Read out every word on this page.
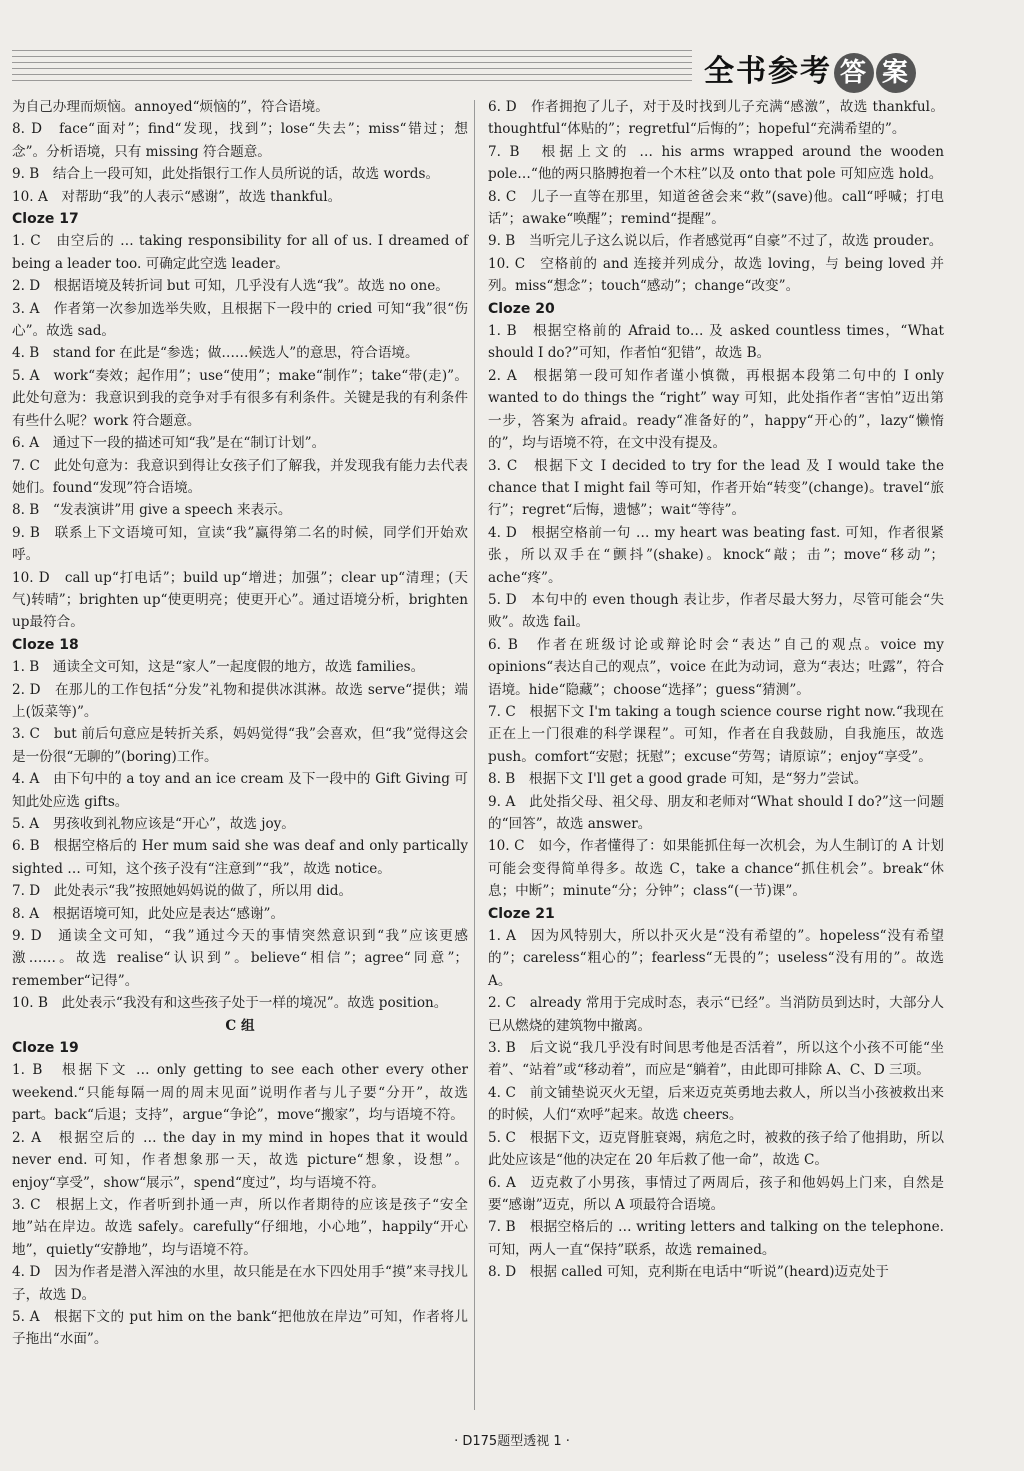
全书参考 答 案
为自己办理而烦恼。annoyed“烦恼的”，符合语境。
8. D　face“面对”；find“发现，找到”；lose“失去”；miss“错过；想念”。分析语境，只有 missing 符合题意。
9. B　结合上一段可知，此处指银行工作人员所说的话，故选 words。
10. A　对帮助“我”的人表示“感谢”，故选 thankful。
Cloze 17
1. C　由空后的 … taking responsibility for all of us. I dreamed of being a leader too. 可确定此空选 leader。
2. D　根据语境及转折词 but 可知，几乎没有人选“我”。故选 no one。
3. A　作者第一次参加选举失败，且根据下一段中的 cried 可知“我”很“伤心”。故选 sad。
4. B　stand for 在此是“参选；做……候选人”的意思，符合语境。
5. A　work“奏效；起作用”；use“使用”；make“制作”；take“带(走)”。此处句意为：我意识到我的竞争对手有很多有利条件。关键是我的有利条件有些什么呢？work 符合题意。
6. A　通过下一段的描述可知“我”是在“制订计划”。
7. C　此处句意为：我意识到得让女孩子们了解我，并发现我有能力去代表她们。found“发现”符合语境。
8. B　“发表演讲”用 give a speech 来表示。
9. B　联系上下文语境可知，宣读“我”赢得第二名的时候，同学们开始欢呼。
10. D　call up“打电话”；build up“增进；加强”；clear up“清理；(天气)转晴”；brighten up“使更明亮；使更开心”。通过语境分析，brighten up最符合。
Cloze 18
1. B　通读全文可知，这是“家人”一起度假的地方，故选 families。
2. D　在那儿的工作包括“分发”礼物和提供冰淇淋。故选 serve“提供；端上(饭菜等)”。
3. C　but 前后句意应是转折关系，妈妈觉得“我”会喜欢，但“我”觉得这会是一份很“无聊的”(boring)工作。
4. A　由下句中的 a toy and an ice cream 及下一段中的 Gift Giving 可知此处应选 gifts。
5. A　男孩收到礼物应该是“开心”，故选 joy。
6. B　根据空格后的 Her mum said she was deaf and only partically sighted … 可知，这个孩子没有“注意到”“我”，故选 notice。
7. D　此处表示“我”按照她妈妈说的做了，所以用 did。
8. A　根据语境可知，此处应是表达“感谢”。
9. D　通读全文可知，“我”通过今天的事情突然意识到“我”应该更感激……。故选 realise“认识到”。believe“相信”；agree“同意”；remember“记得”。
10. B　此处表示“我没有和这些孩子处于一样的境况”。故选 position。
C 组
Cloze 19
1. B　根据下文 … only getting to see each other every other weekend.“只能每隔一周的周末见面”说明作者与儿子要“分开”，故选 part。back“后退；支持”，argue“争论”，move“搬家”，均与语境不符。
2. A　根据空后的 … the day in my mind in hopes that it would never end. 可知，作者想象那一天，故选 picture“想象，设想”。enjoy“享受”，show“展示”，spend“度过”，均与语境不符。
3. C　根据上文，作者听到扑通一声，所以作者期待的应该是孩子“安全地”站在岸边。故选 safely。carefully“仔细地，小心地”，happily“开心地”，quietly“安静地”，均与语境不符。
4. D　因为作者是潜入浑浊的水里，故只能是在水下四处用手“摸”来寻找儿子，故选 D。
5. A　根据下文的 put him on the bank“把他放在岸边”可知，作者将儿子拖出“水面”。
6. D　作者拥抱了儿子，对于及时找到儿子充满“感激”，故选 thankful。thoughtful“体贴的”；regretful“后悔的”；hopeful“充满希望的”。
7. B　根据上文的 … his arms wrapped around the wooden pole…“他的两只胳膊抱着一个木柱”以及 onto that pole 可知应选 hold。
8. C　儿子一直等在那里，知道爸爸会来“救”(save)他。call“呼喊；打电话”；awake“唤醒”；remind“提醒”。
9. B　当听完儿子这么说以后，作者感觉再“自豪”不过了，故选 prouder。
10. C　空格前的 and 连接并列成分，故选 loving，与 being loved 并列。miss“想念”；touch“感动”；change“改变”。
Cloze 20
1. B　根据空格前的 Afraid to… 及 asked countless times，“What should I do?”可知，作者怕“犯错”，故选 B。
2. A　根据第一段可知作者谨小慎微，再根据本段第二句中的 I only wanted to do things the “right” way 可知，此处指作者“害怕”迈出第一步，答案为 afraid。ready“准备好的”，happy“开心的”，lazy“懒惰的”，均与语境不符，在文中没有提及。
3. C　根据下文 I decided to try for the lead 及 I would take the chance that I might fail 等可知，作者开始“转变”(change)。travel“旅行”；regret“后悔，遗憾”；wait“等待”。
4. D　根据空格前一句 … my heart was beating fast. 可知，作者很紧张，所以双手在“颤抖”(shake)。knock“敲；击”；move“移动”；ache“疼”。
5. D　本句中的 even though 表让步，作者尽最大努力，尽管可能会“失败”。故选 fail。
6. B　作者在班级讨论或辩论时会“表达”自己的观点。voice my opinions“表达自己的观点”，voice 在此为动词，意为“表达；吐露”，符合语境。hide“隐藏”；choose“选择”；guess“猜测”。
7. C　根据下文 I'm taking a tough science course right now.“我现在正在上一门很难的科学课程”。可知，作者在自我鼓励，自我施压，故选 push。comfort“安慰；抚慰”；excuse“劳驾；请原谅”；enjoy“享受”。
8. B　根据下文 I'll get a good grade 可知，是“努力”尝试。
9. A　此处指父母、祖父母、朋友和老师对“What should I do?”这一问题的“回答”，故选 answer。
10. C　如今，作者懂得了：如果能抓住每一次机会，为人生制订的 A 计划可能会变得简单得多。故选 C，take a chance“抓住机会”。break“休息；中断”；minute“分；分钟”；class“(一节)课”。
Cloze 21
1. A　因为风特别大，所以扑灭火是“没有希望的”。hopeless“没有希望的”；careless“粗心的”；fearless“无畏的”；useless“没有用的”。故选 A。
2. C　already 常用于完成时态，表示“已经”。当消防员到达时，大部分人已从燃烧的建筑物中撤离。
3. B　后文说“我几乎没有时间思考他是否活着”，所以这个小孩不可能“坐着”、“站着”或“移动着”，而应是“躺着”，由此即可排除 A、C、D 三项。
4. C　前文铺垫说灭火无望，后来迈克英勇地去救人，所以当小孩被救出来的时候，人们“欢呼”起来。故选 cheers。
5. C　根据下文，迈克肾脏衰竭，病危之时，被救的孩子给了他捐助，所以此处应该是“他的决定在 20 年后救了他一命”，故选 C。
6. A　迈克救了小男孩，事情过了两周后，孩子和他妈妈上门来，自然是要“感谢”迈克，所以 A 项最符合语境。
7. B　根据空格后的 … writing letters and talking on the telephone. 可知，两人一直“保持”联系，故选 remained。
8. D　根据 called 可知，克利斯在电话中“听说”(heard)迈克处于
· D175题型透视 1 ·
